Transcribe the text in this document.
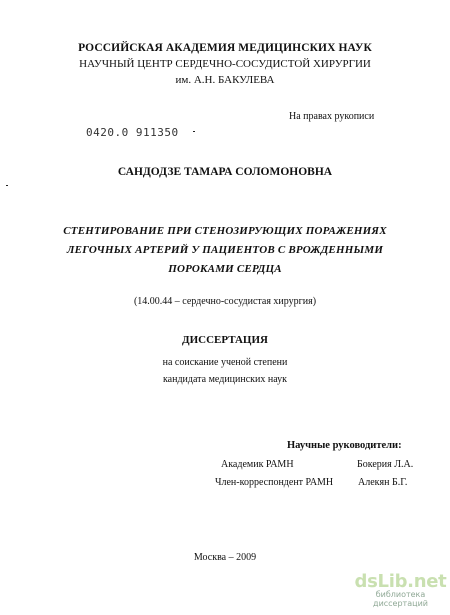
РОССИЙСКАЯ АКАДЕМИЯ МЕДИЦИНСКИХ НАУК
НАУЧНЫЙ ЦЕНТР СЕРДЕЧНО-СОСУДИСТОЙ ХИРУРГИИ
им. А.Н. БАКУЛЕВА
На правах рукописи
0420.0 911350
САНДОДЗЕ ТАМАРА СОЛОМОНОВНА
СТЕНТИРОВАНИЕ ПРИ СТЕНОЗИРУЮЩИХ ПОРАЖЕНИЯХ
ЛЕГОЧНЫХ АРТЕРИЙ У ПАЦИЕНТОВ С ВРОЖДЕННЫМИ
ПОРОКАМИ СЕРДЦА
(14.00.44 – сердечно-сосудистая хирургия)
ДИССЕРТАЦИЯ
на соискание ученой степени
кандидата медицинских наук
Научные руководители:
Академик РАМН	Бокерия Л.А.
Член-корреспондент РАМН Алекян Б.Г.
Москва – 2009
dsLib.net
библиотека диссертаций
